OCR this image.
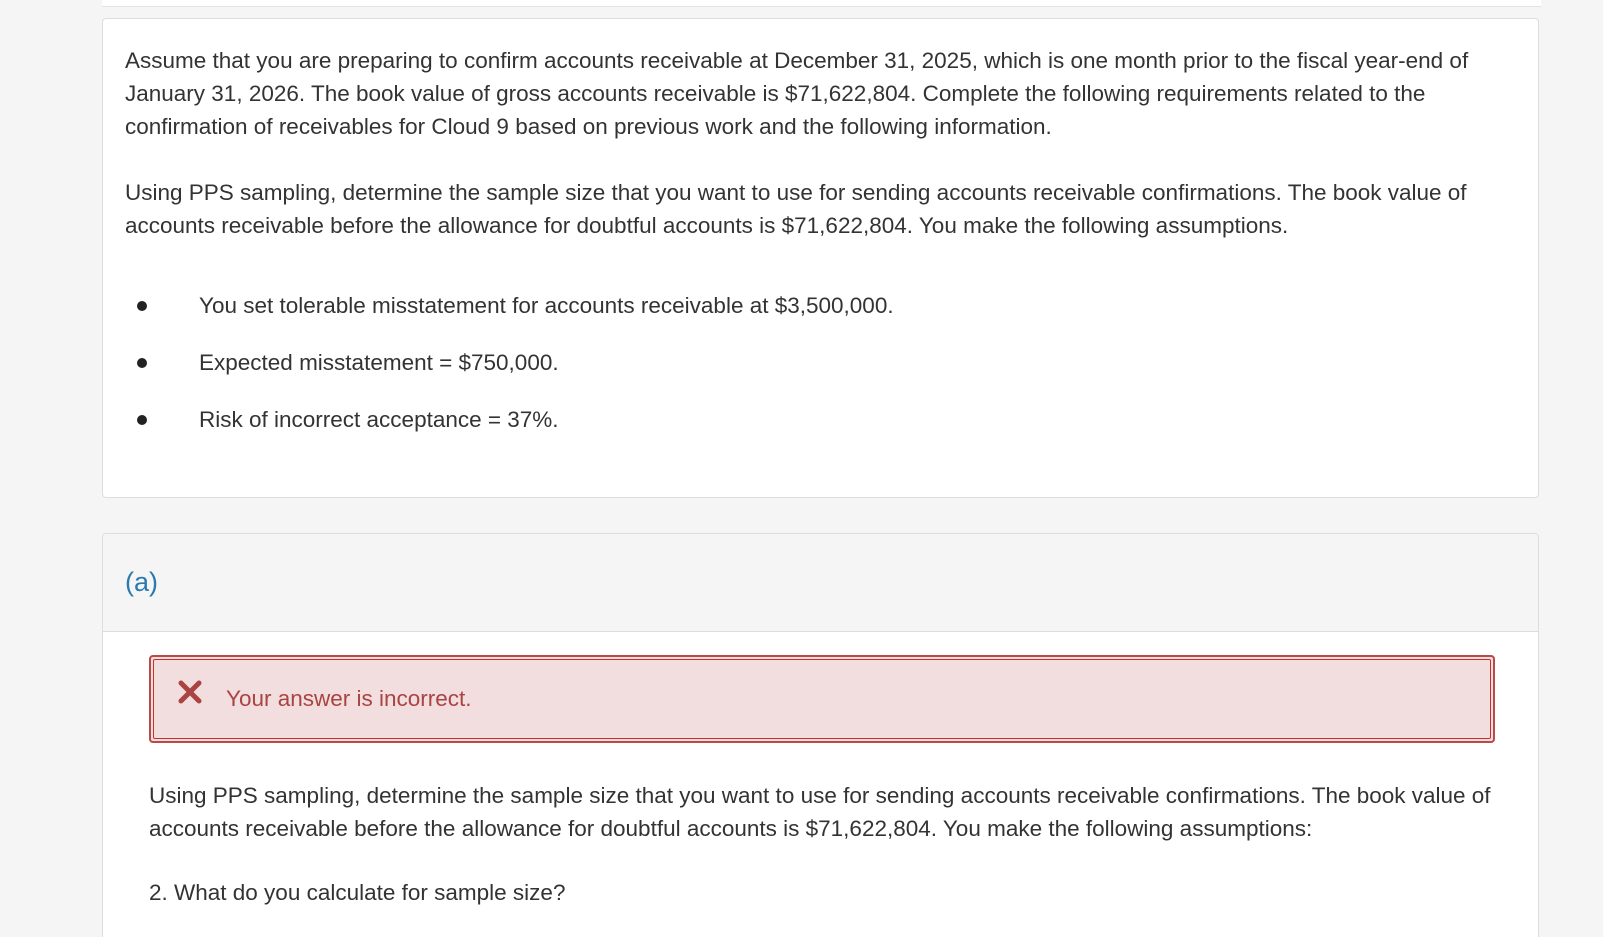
Assume that you are preparing to confirm accounts receivable at December 31, 2025, which is one month prior to the fiscal year-end of January 31, 2026. The book value of gross accounts receivable is $71,622,804. Complete the following requirements related to the confirmation of receivables for Cloud 9 based on previous work and the following information.

Using PPS sampling, determine the sample size that you want to use for sending accounts receivable confirmations. The book value of accounts receivable before the allowance for doubtful accounts is $71,622,804. You make the following assumptions.

You set tolerable misstatement for accounts receivable at $3,500,000.
Expected misstatement = $750,000.
Risk of incorrect acceptance = 37%.
(a)
Your answer is incorrect.

Using PPS sampling, determine the sample size that you want to use for sending accounts receivable confirmations. The book value of accounts receivable before the allowance for doubtful accounts is $71,622,804. You make the following assumptions:

2. What do you calculate for sample size?
